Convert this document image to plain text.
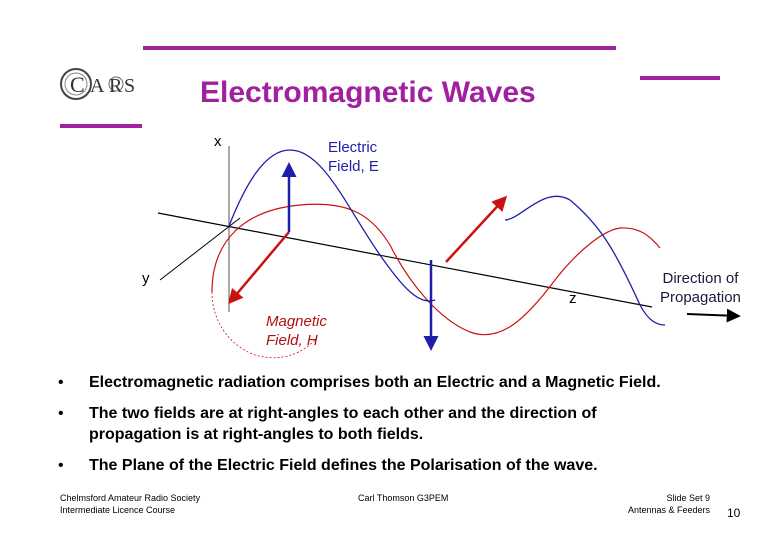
C A R S Electromagnetic Waves
x
y
z
Electric
Field, E
Magnetic
Field, H
Direction of
Propagation
• Electromagnetic radiation comprises both an Electric and a Magnetic Field.
• The two fields are at right-angles to each other and the direction of propagation is at right-angles to both fields.
• The Plane of the Electric Field defines the Polarisation of the wave.
Chelmsford Amateur Radio Society
Intermediate Licence Course
Carl Thomson G3PEM	Slide Set 9
Antennas & Feeders 10
